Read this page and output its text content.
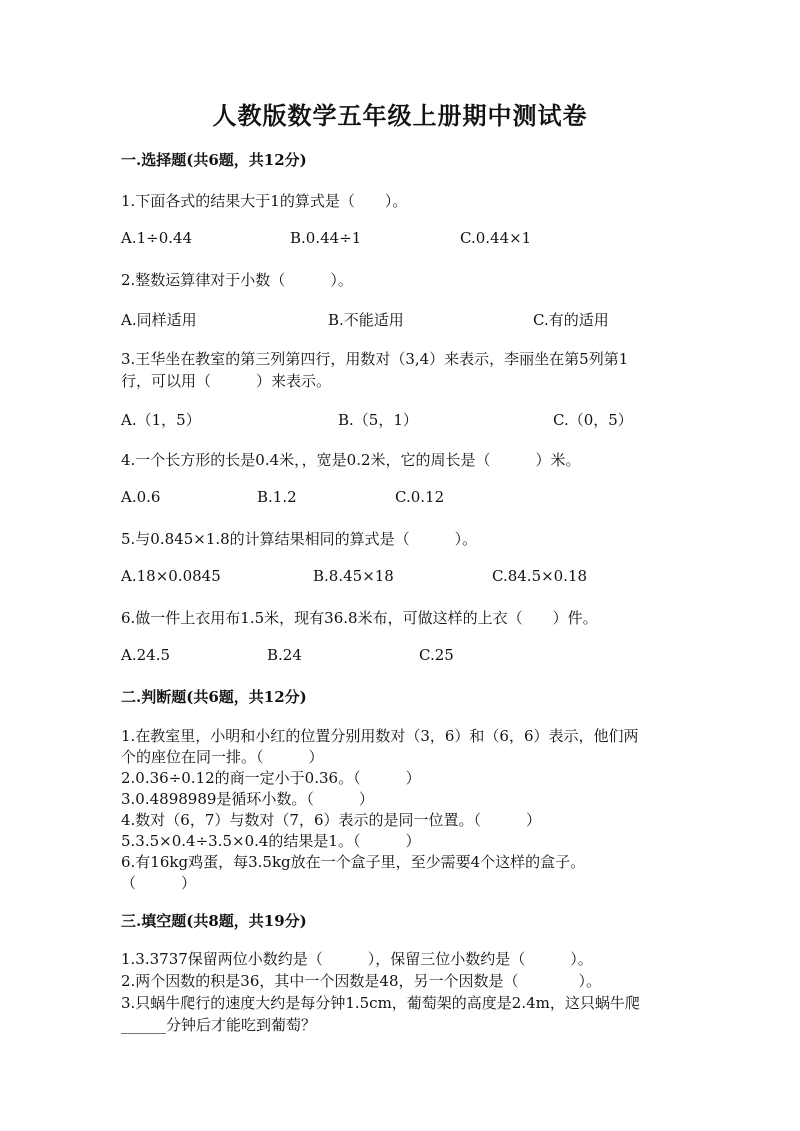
人教版数学五年级上册期中测试卷
一.选择题(共6题，共12分)
1.下面各式的结果大于1的算式是（　　）。
A.1÷0.44	B.0.44÷1	C.0.44×1
2.整数运算律对于小数（　　　）。
A.同样适用	B.不能适用	C.有的适用
3.王华坐在教室的第三列第四行，用数对（3,4）来表示，李丽坐在第5列第1
行，可以用（　　　）来表示。
A.（1，5）	B.（5，1）	C.（0，5）
4.一个长方形的长是0.4米，，宽是0.2米，它的周长是（　　　）米。
A.0.6	B.1.2	C.0.12
5.与0.845×1.8的计算结果相同的算式是（　　　）。
A.18×0.0845	B.8.45×18	C.84.5×0.18
6.做一件上衣用布1.5米，现有36.8米布，可做这样的上衣（　　）件。
A.24.5	B.24	C.25
二.判断题(共6题，共12分)
1.在教室里，小明和小红的位置分别用数对（3，6）和（6，6）表示，他们两
个的座位在同一排。（　　　）
2.0.36÷0.12的商一定小于0.36。（　　　）
3.0.4898989是循环小数。（　　　）
4.数对（6，7）与数对（7，6）表示的是同一位置。（　　　）
5.3.5×0.4÷3.5×0.4的结果是1。（　　　）
6.有16kg鸡蛋，每3.5kg放在一个盒子里，至少需要4个这样的盒子。
（　　　）
三.填空题(共8题，共19分)
1.3.3737保留两位小数约是（　　　），保留三位小数约是（　　　）。
2.两个因数的积是36，其中一个因数是48，另一个因数是（　　　　）。
3.只蜗牛爬行的速度大约是每分钟1.5cm，葡萄架的高度是2.4m，这只蜗牛爬
______分钟后才能吃到葡萄？
